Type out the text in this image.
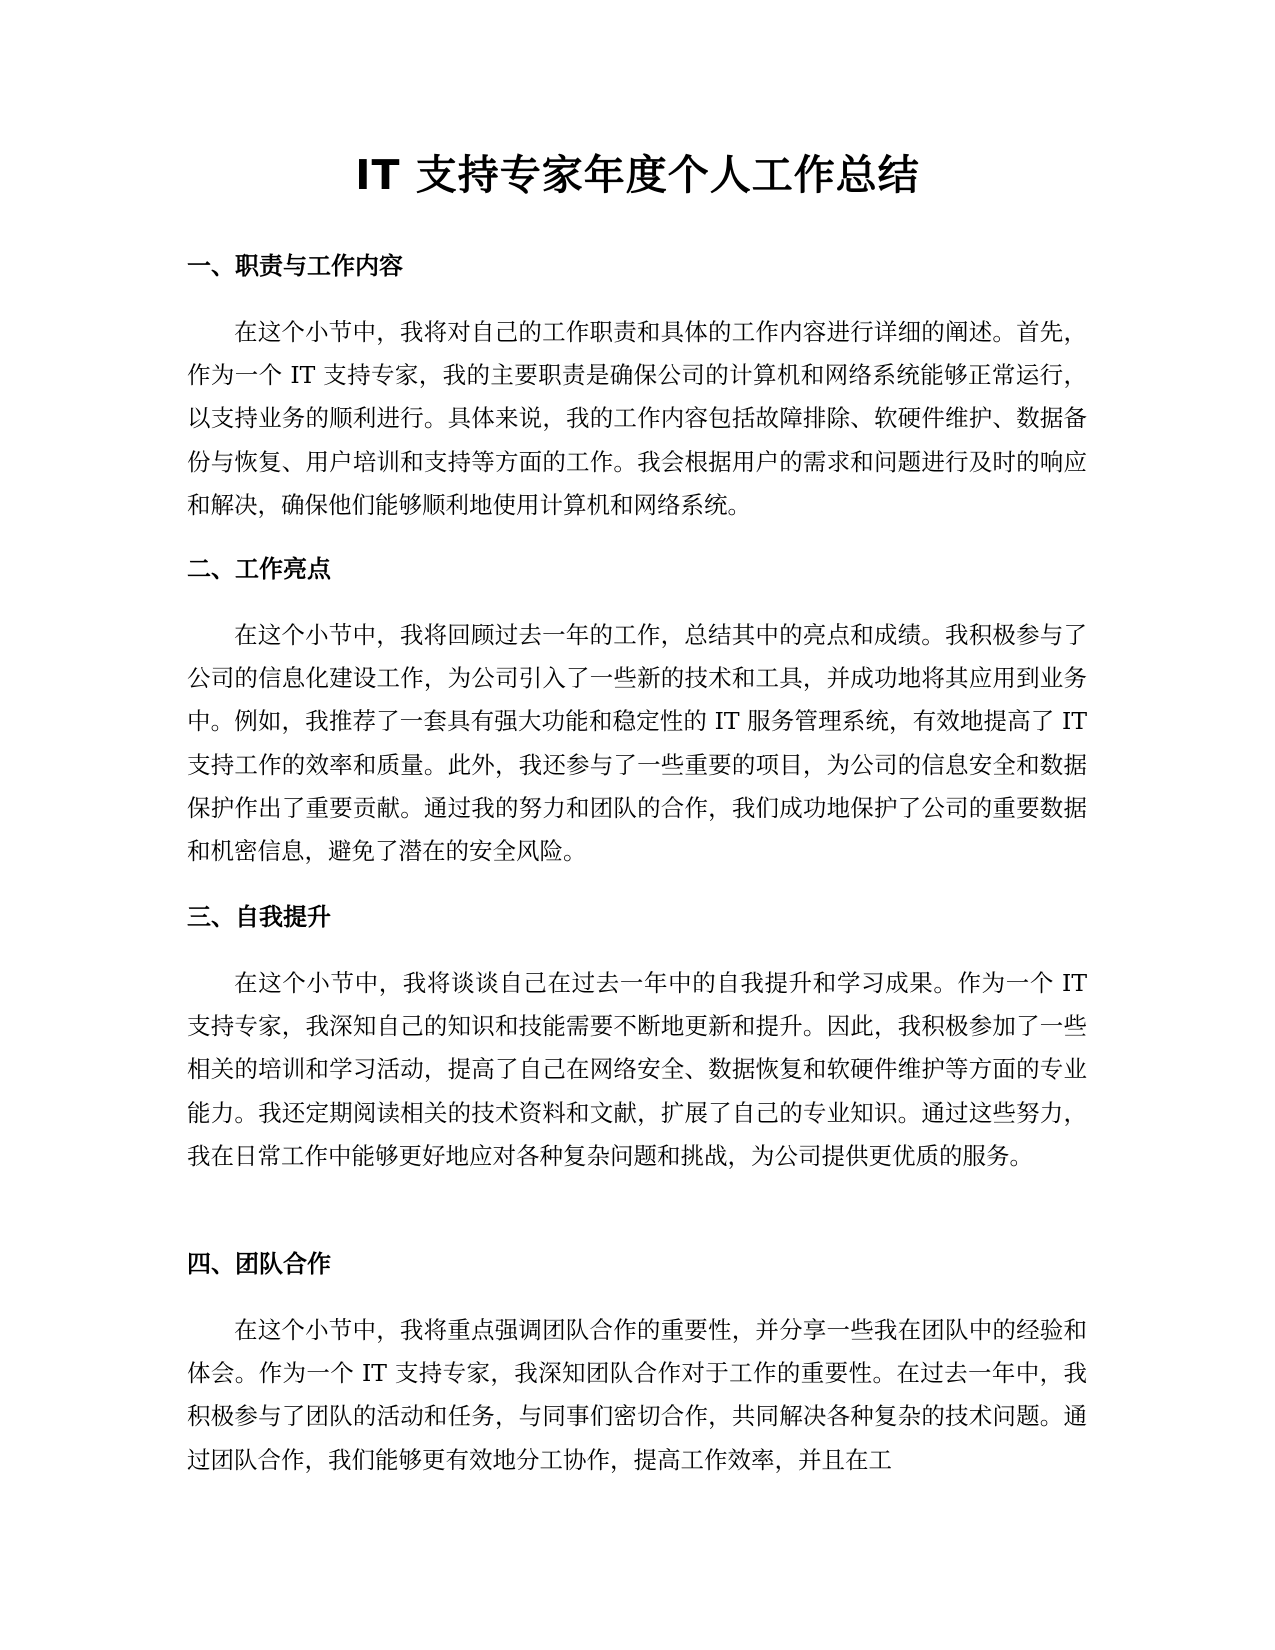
IT 支持专家年度个人工作总结
一、职责与工作内容

在这个小节中，我将对自己的工作职责和具体的工作内容进行详细的阐述。首先，作为一个 IT 支持专家，我的主要职责是确保公司的计算机和网络系统能够正常运行，以支持业务的顺利进行。具体来说，我的工作内容包括故障排除、软硬件维护、数据备份与恢复、用户培训和支持等方面的工作。我会根据用户的需求和问题进行及时的响应和解决，确保他们能够顺利地使用计算机和网络系统。

二、工作亮点

在这个小节中，我将回顾过去一年的工作，总结其中的亮点和成绩。我积极参与了公司的信息化建设工作，为公司引入了一些新的技术和工具，并成功地将其应用到业务中。例如，我推荐了一套具有强大功能和稳定性的 IT 服务管理系统，有效地提高了 IT 支持工作的效率和质量。此外，我还参与了一些重要的项目，为公司的信息安全和数据保护作出了重要贡献。通过我的努力和团队的合作，我们成功地保护了公司的重要数据和机密信息，避免了潜在的安全风险。

三、自我提升

在这个小节中，我将谈谈自己在过去一年中的自我提升和学习成果。作为一个 IT 支持专家，我深知自己的知识和技能需要不断地更新和提升。因此，我积极参加了一些相关的培训和学习活动，提高了自己在网络安全、数据恢复和软硬件维护等方面的专业能力。我还定期阅读相关的技术资料和文献，扩展了自己的专业知识。通过这些努力，我在日常工作中能够更好地应对各种复杂问题和挑战，为公司提供更优质的服务。

四、团队合作

在这个小节中，我将重点强调团队合作的重要性，并分享一些我在团队中的经验和体会。作为一个 IT 支持专家，我深知团队合作对于工作的重要性。在过去一年中，我积极参与了团队的活动和任务，与同事们密切合作，共同解决各种复杂的技术问题。通过团队合作，我们能够更有效地分工协作，提高工作效率，并且在工
